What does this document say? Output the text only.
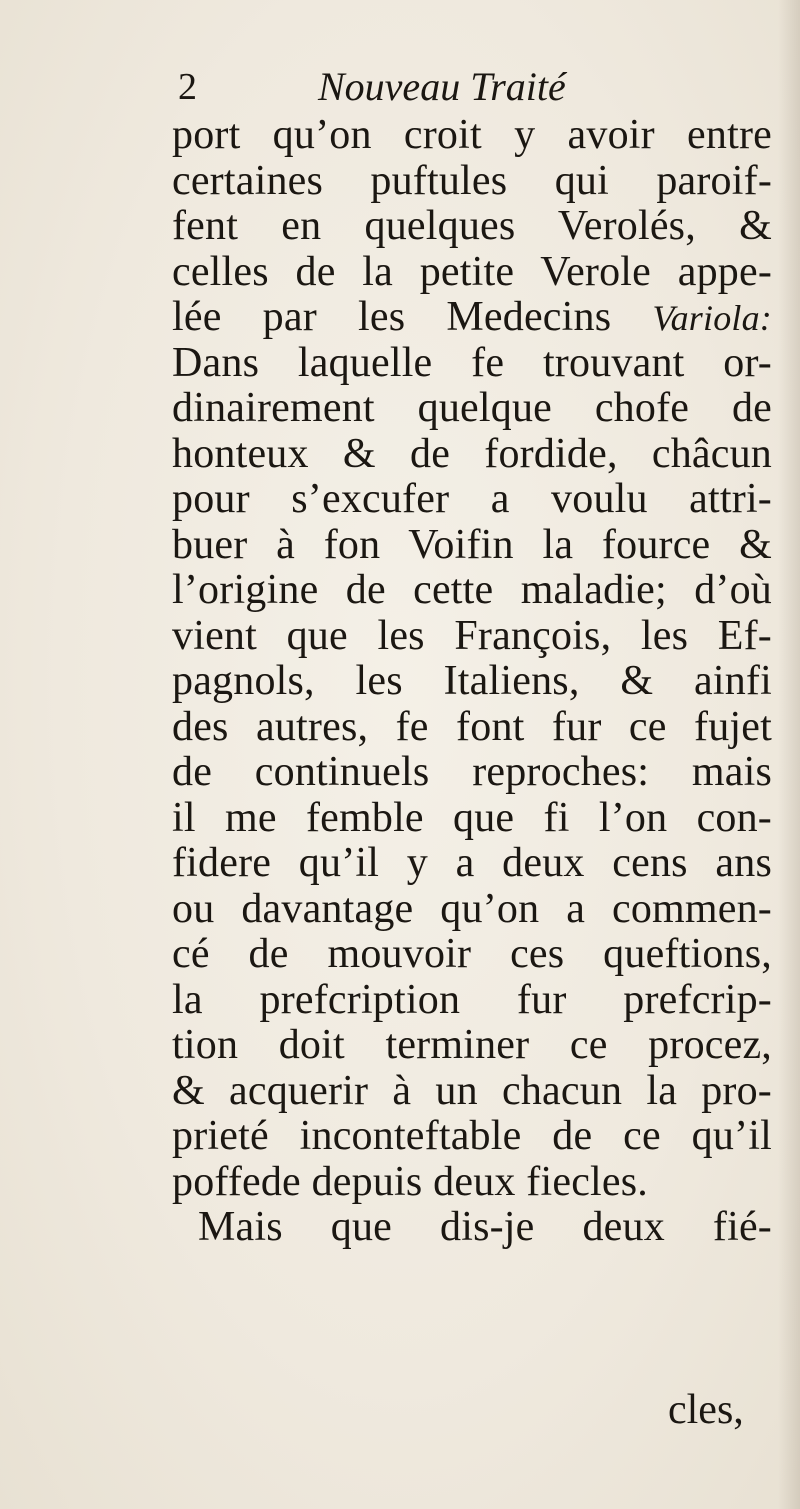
2	Nouveau Traité
port qu’on croit y avoir entre
certaines puftules qui paroif-
fent en quelques Verolés, &
celles de la petite Verole appe-
lée par les Medecins Variola:
Dans laquelle fe trouvant or-
dinairement quelque chofe de
honteux & de fordide, châcun
pour s’excufer a voulu attri-
buer à fon Voifin la fource &
l’origine de cette maladie; d’où
vient que les François, les Ef-
pagnols, les Italiens, & ainfi
des autres, fe font fur ce fujet
de continuels reproches: mais
il me femble que fi l’on con-
fidere qu’il y a deux cens ans
ou davantage qu’on a commen-
cé de mouvoir ces queftions,
la prefcription fur prefcrip-
tion doit terminer ce procez,
& acquerir à un chacun la pro-
prieté inconteftable de ce qu’il
poffede depuis deux fiecles.
Mais que dis-je deux fié-
cles,
